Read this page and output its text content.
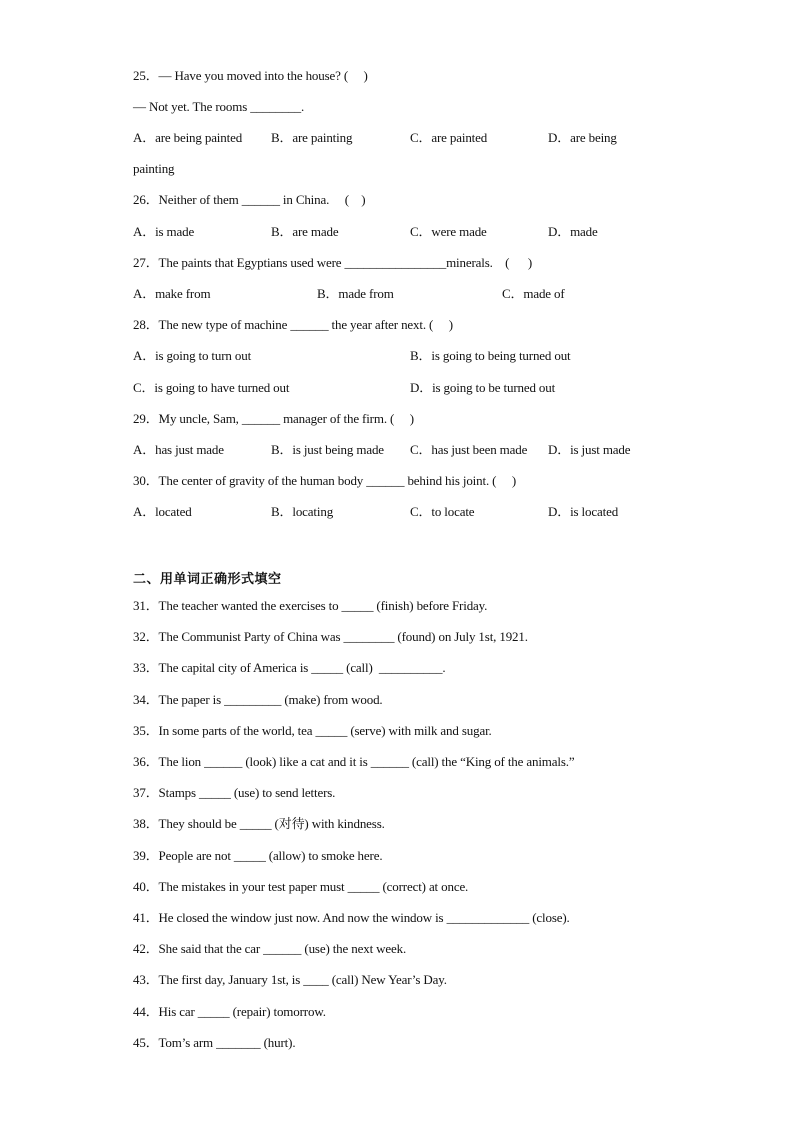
25．— Have you moved into the house? (     )
— Not yet. The rooms ________.
A．are being painted B．are painting	C．are painted	D．are being
painting
26．Neither of them ______ in China.     (    )
A．is made	B．are made	C．were made	D．made
27．The paints that Egyptians used were ________________minerals.    (      )
A．make from	B．made from	C．made of
28．The new type of machine ______ the year after next. (     )
A．is going to turn out	B．is going to being turned out
C．is going to have turned out	D．is going to be turned out
29．My uncle, Sam, ______ manager of the firm. (     )
A．has just made	B．is just being made C．has just been made D．is just made
30．The center of gravity of the human body ______ behind his joint. (     )
A．located	B．locating	C．to locate	D．is located
二、用单词正确形式填空
31．The teacher wanted the exercises to _____ (finish) before Friday.
32．The Communist Party of China was ________ (found) on July 1st, 1921.
33．The capital city of America is _____ (call)  __________.
34．The paper is _________ (make) from wood.
35．In some parts of the world, tea _____ (serve) with milk and sugar.
36．The lion ______ (look) like a cat and it is ______ (call) the “King of the animals.”
37．Stamps _____ (use) to send letters.
38．They should be _____ (对待) with kindness.
39．People are not _____ (allow) to smoke here.
40．The mistakes in your test paper must _____ (correct) at once.
41．He closed the window just now. And now the window is _____________ (close).
42．She said that the car ______ (use) the next week.
43．The first day, January 1st, is ____ (call) New Year’s Day.
44．His car _____ (repair) tomorrow.
45．Tom’s arm _______ (hurt).
